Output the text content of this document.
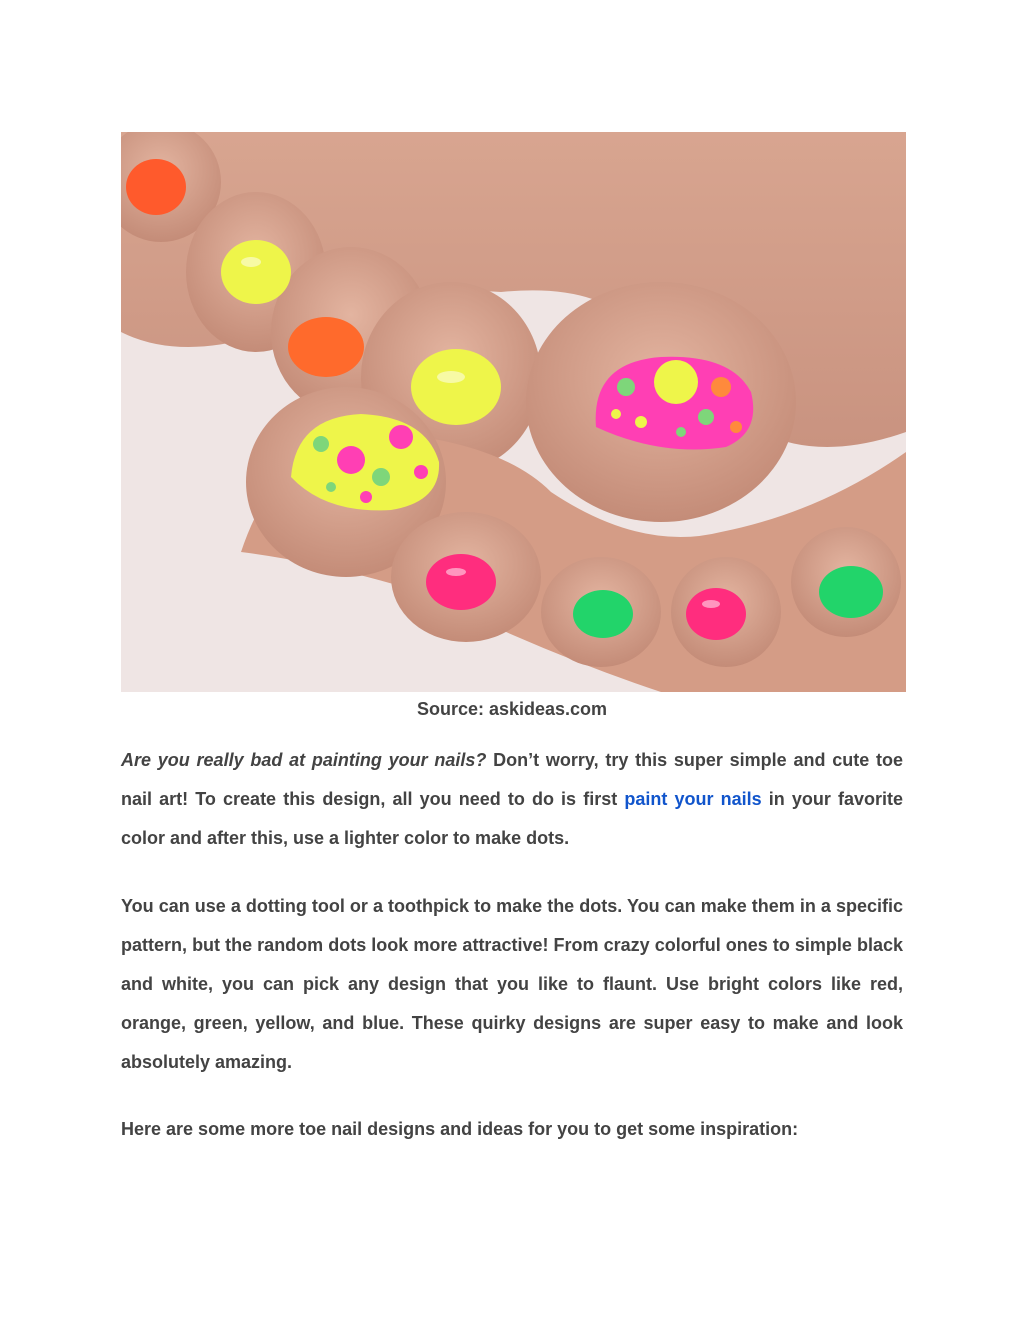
Source: askideas.com

Are you really bad at painting your nails? Don’t worry, try this super simple and cute toe nail art! To create this design, all you need to do is first paint your nails in your favorite color and after this, use a lighter color to make dots.

You can use a dotting tool or a toothpick to make the dots. You can make them in a specific pattern, but the random dots look more attractive! From crazy colorful ones to simple black and white, you can pick any design that you like to flaunt. Use bright colors like red, orange, green, yellow, and blue. These quirky designs are super easy to make and look absolutely amazing.

Here are some more toe nail designs and ideas for you to get some inspiration:
